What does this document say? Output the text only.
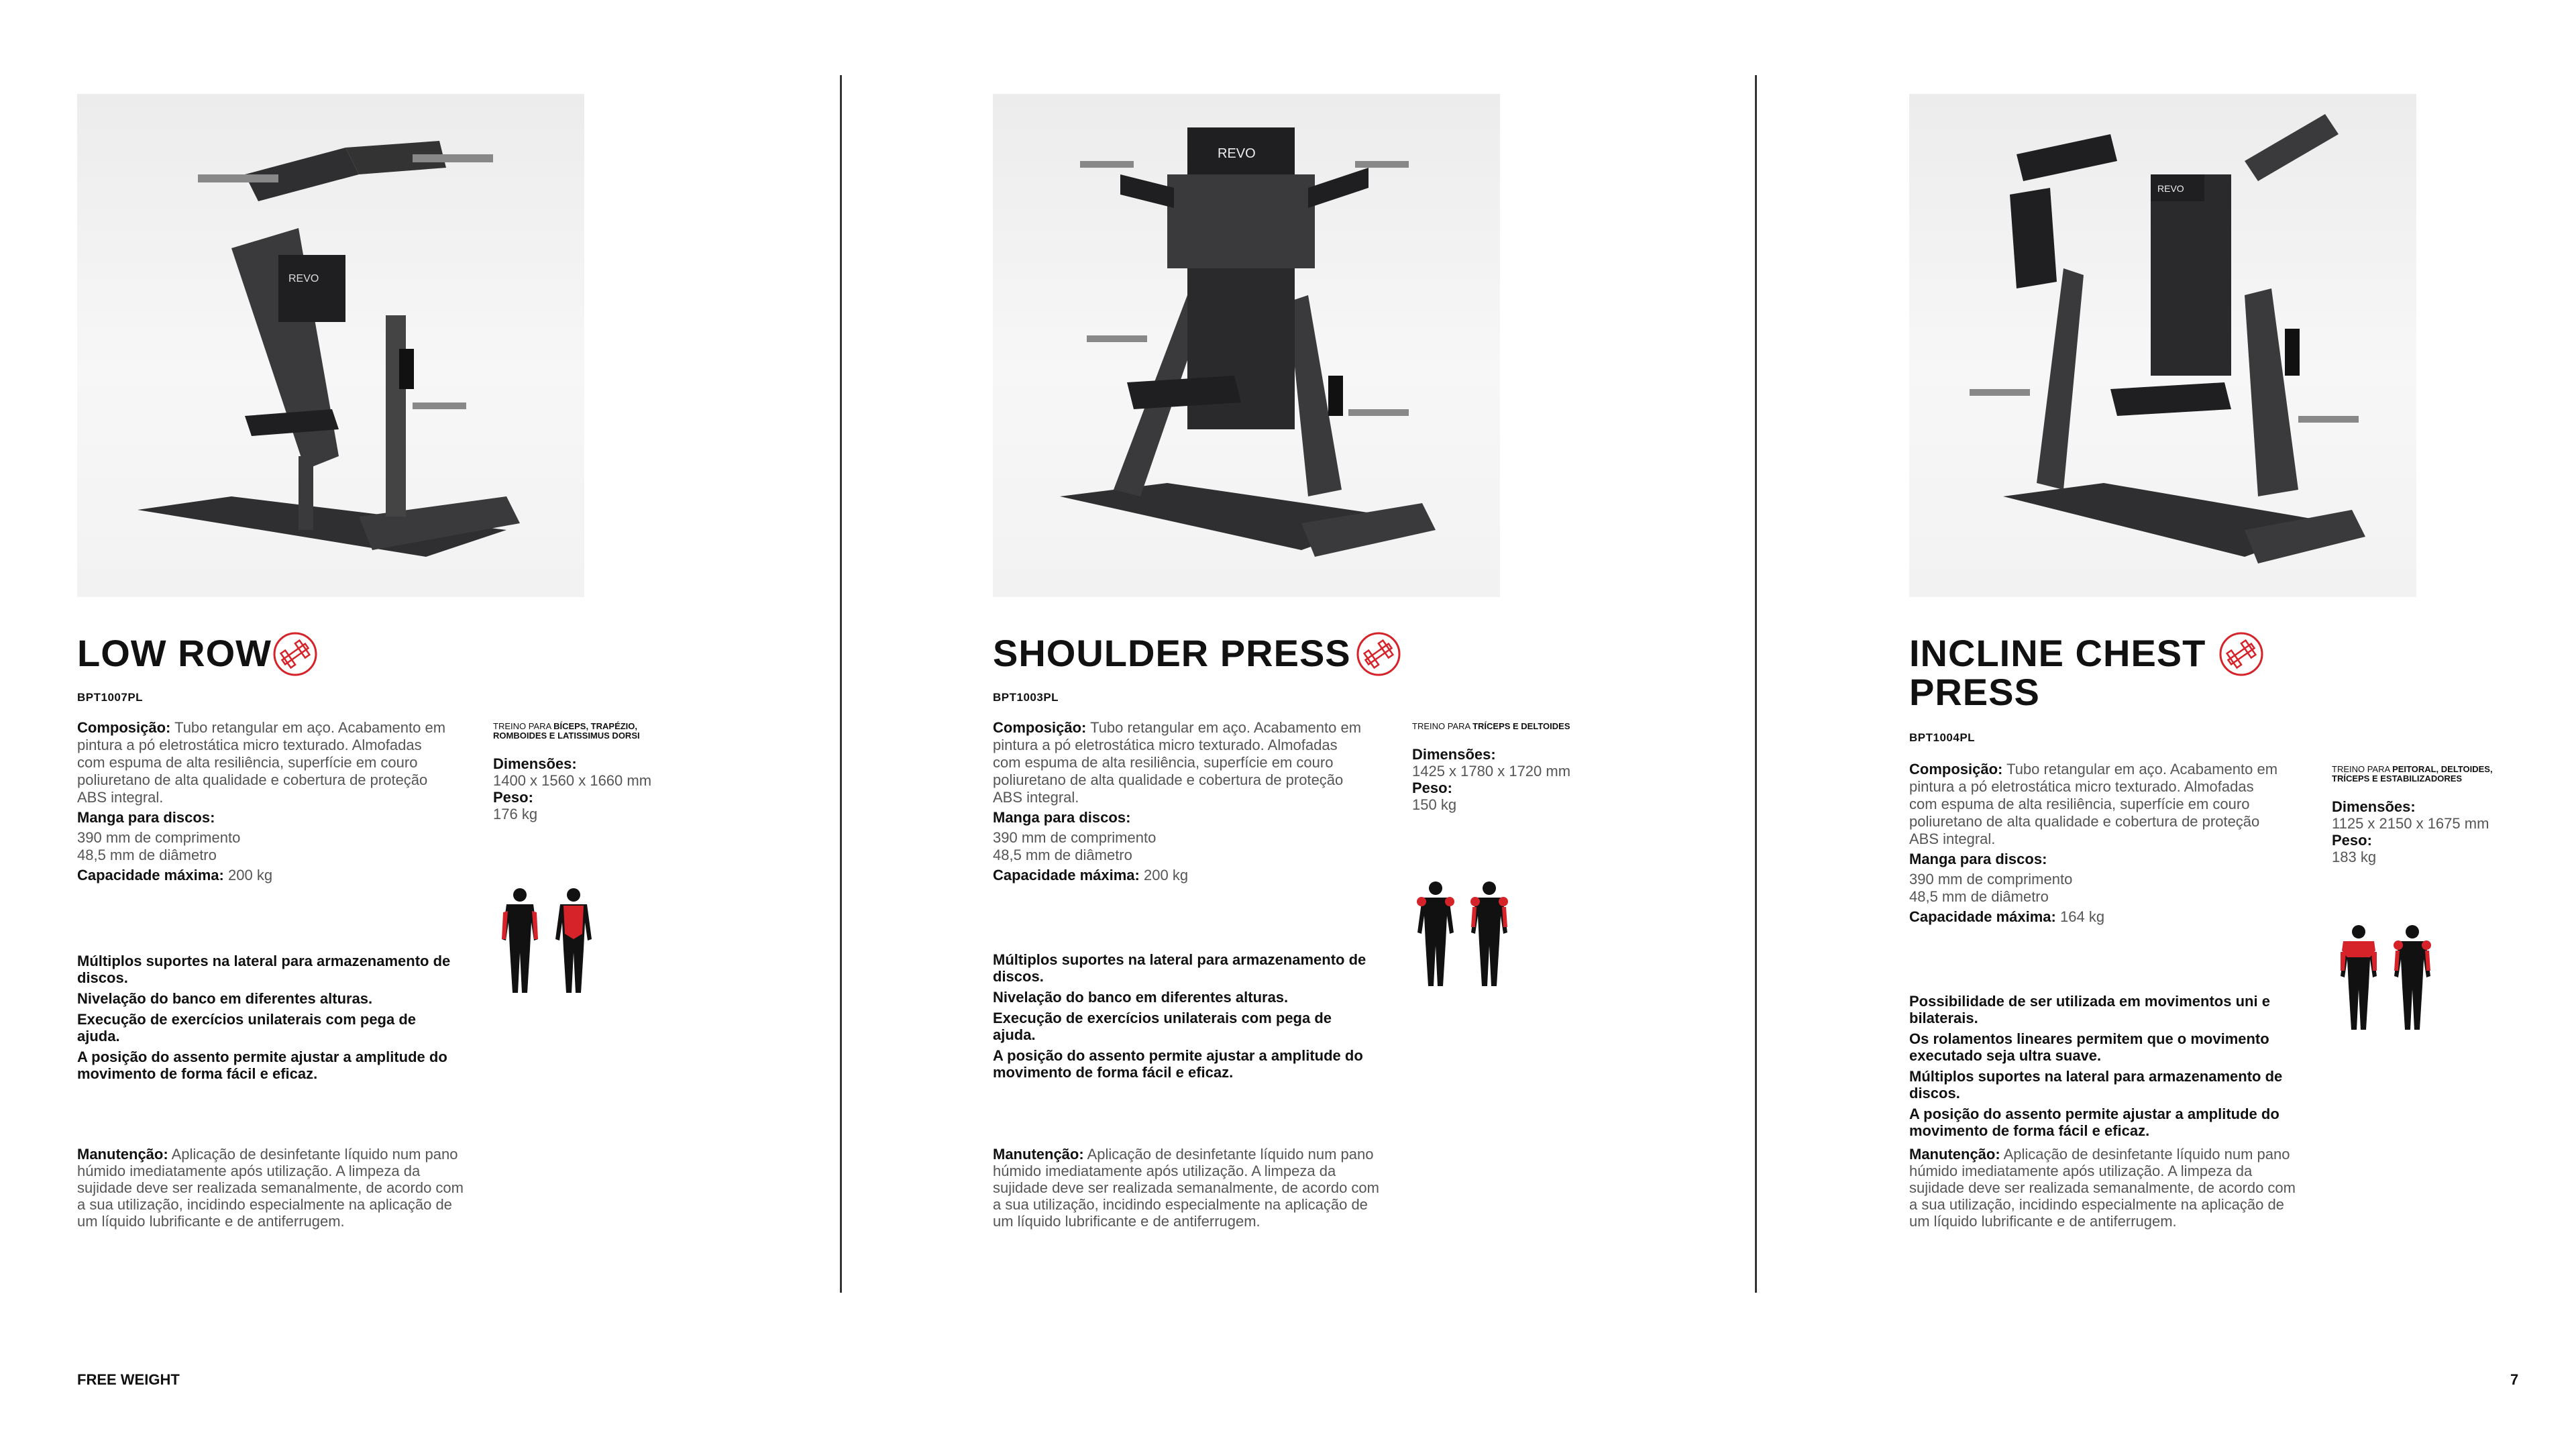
REVO
LOW ROW
BPT1007PL
Composição: Tubo retangular em aço. Acabamento em pintura a pó eletrostática micro texturado. Almofadas com espuma de alta resiliência, superfície em couro poliuretano de alta qualidade e cobertura de proteção ABS integral.
Manga para discos:
390 mm de comprimento
48,5 mm de diâmetro
Capacidade máxima: 200 kg
TREINO PARA BÍCEPS, TRAPÉZIO, ROMBOIDES E LATISSIMUS DORSI
Dimensões:
1400 x 1560 x 1660 mm
Peso:
176 kg

Múltiplos suportes na lateral para armazenamento de discos.

Nivelação do banco em diferentes alturas.

Execução de exercícios unilaterais com pega de ajuda.

A posição do assento permite ajustar a amplitude do movimento de forma fácil e eficaz.

Manutenção: Aplicação de desinfetante líquido num pano húmido imediatamente após utilização. A limpeza da sujidade deve ser realizada semanalmente, de acordo com a sua utilização, incidindo especialmente na aplicação de um líquido lubrificante e de antiferrugem.
REVO
SHOULDER PRESS
BPT1003PL
Composição: Tubo retangular em aço. Acabamento em pintura a pó eletrostática micro texturado. Almofadas com espuma de alta resiliência, superfície em couro poliuretano de alta qualidade e cobertura de proteção ABS integral.
Manga para discos:
390 mm de comprimento
48,5 mm de diâmetro
Capacidade máxima: 200 kg
TREINO PARA TRÍCEPS E DELTOIDES
Dimensões:
1425 x 1780 x 1720 mm
Peso:
150 kg

Múltiplos suportes na lateral para armazenamento de discos.

Nivelação do banco em diferentes alturas.

Execução de exercícios unilaterais com pega de ajuda.

A posição do assento permite ajustar a amplitude do movimento de forma fácil e eficaz.

Manutenção: Aplicação de desinfetante líquido num pano húmido imediatamente após utilização. A limpeza da sujidade deve ser realizada semanalmente, de acordo com a sua utilização, incidindo especialmente na aplicação de um líquido lubrificante e de antiferrugem.
REVO
INCLINE CHEST PRESS
BPT1004PL
Composição: Tubo retangular em aço. Acabamento em pintura a pó eletrostática micro texturado. Almofadas com espuma de alta resiliência, superfície em couro poliuretano de alta qualidade e cobertura de proteção ABS integral.
Manga para discos:
390 mm de comprimento
48,5 mm de diâmetro
Capacidade máxima: 164 kg
TREINO PARA PEITORAL, DELTOIDES, TRÍCEPS E ESTABILIZADORES
Dimensões:
1125 x 2150 x 1675 mm
Peso:
183 kg

Possibilidade de ser utilizada em movimentos uni e bilaterais.

Os rolamentos lineares permitem que o movimento executado seja ultra suave.

Múltiplos suportes na lateral para armazenamento de discos.

A posição do assento permite ajustar a amplitude do movimento de forma fácil e eficaz.

Manutenção: Aplicação de desinfetante líquido num pano húmido imediatamente após utilização. A limpeza da sujidade deve ser realizada semanalmente, de acordo com a sua utilização, incidindo especialmente na aplicação de um líquido lubrificante e de antiferrugem.
FREE WEIGHT	7
